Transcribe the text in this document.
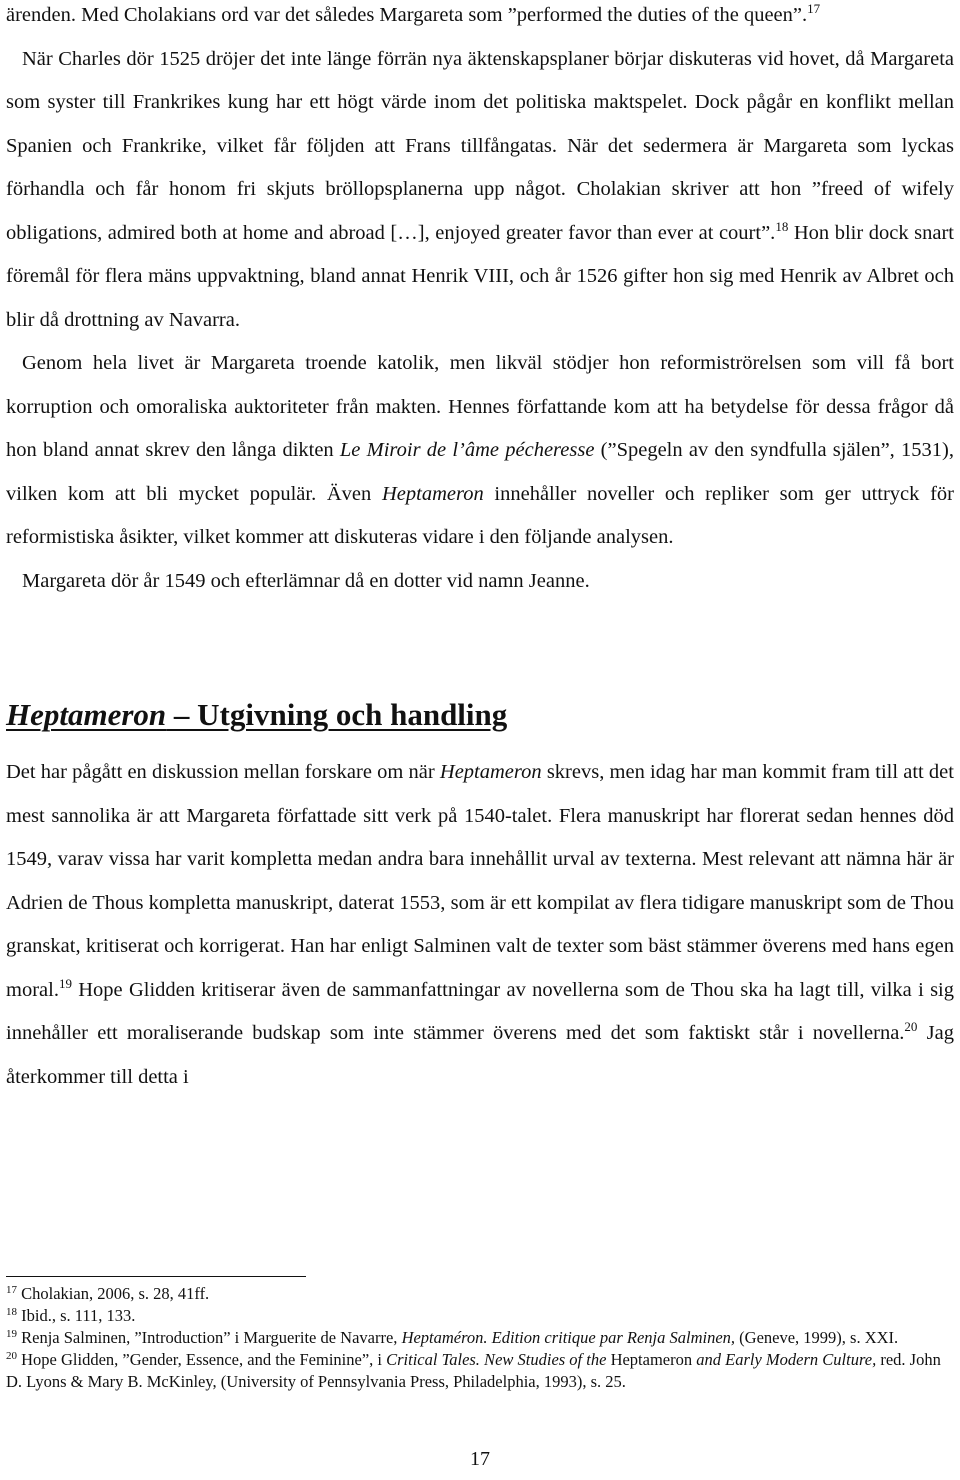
ärenden. Med Cholakians ord var det således Margareta som ”performed the duties of the queen”.$^{17}$

När Charles dör 1525 dröjer det inte länge förrän nya äktenskapsplaner börjar diskuteras vid hovet, då Margareta som syster till Frankrikes kung har ett högt värde inom det politiska maktspelet. Dock pågår en konflikt mellan Spanien och Frankrike, vilket får följden att Frans tillfångatas. När det sedermera är Margareta som lyckas förhandla och får honom fri skjuts bröllopsplanerna upp något. Cholakian skriver att hon ”freed of wifely obligations, admired both at home and abroad […], enjoyed greater favor than ever at court”.$^{18}$ Hon blir dock snart föremål för flera mäns uppvaktning, bland annat Henrik VIII, och år 1526 gifter hon sig med Henrik av Albret och blir då drottning av Navarra.

Genom hela livet är Margareta troende katolik, men likväl stödjer hon reformiströrelsen som vill få bort korruption och omoraliska auktoriteter från makten. Hennes författande kom att ha betydelse för dessa frågor då hon bland annat skrev den långa dikten Le Miroir de l’âme pécheresse (”Spegeln av den syndfulla själen”, 1531), vilken kom att bli mycket populär. Även Heptameron innehåller noveller och repliker som ger uttryck för reformistiska åsikter, vilket kommer att diskuteras vidare i den följande analysen.

Margareta dör år 1549 och efterlämnar då en dotter vid namn Jeanne.

Heptameron – Utgivning och handling

Det har pågått en diskussion mellan forskare om när Heptameron skrevs, men idag har man kommit fram till att det mest sannolika är att Margareta författade sitt verk på 1540-talet. Flera manuskript har florerat sedan hennes död 1549, varav vissa har varit kompletta medan andra bara innehållit urval av texterna. Mest relevant att nämna här är Adrien de Thous kompletta manuskript, daterat 1553, som är ett kompilat av flera tidigare manuskript som de Thou granskat, kritiserat och korrigerat. Han har enligt Salminen valt de texter som bäst stämmer överens med hans egen moral.$^{19}$ Hope Glidden kritiserar även de sammanfattningar av novellerna som de Thou ska ha lagt till, vilka i sig innehåller ett moraliserande budskap som inte stämmer överens med det som faktiskt står i novellerna.$^{20}$ Jag återkommer till detta i

$^{17}$ Cholakian, 2006, s. 28, 41ff.

$^{18}$ Ibid., s. 111, 133.

$^{19}$ Renja Salminen, ”Introduction” i Marguerite de Navarre, Heptaméron. Edition critique par Renja Salminen, (Geneve, 1999), s. XXI.

$^{20}$ Hope Glidden, ”Gender, Essence, and the Feminine”, i Critical Tales. New Studies of the Heptameron and Early Modern Culture, red. John D. Lyons & Mary B. McKinley, (University of Pennsylvania Press, Philadelphia, 1993), s. 25.

17
